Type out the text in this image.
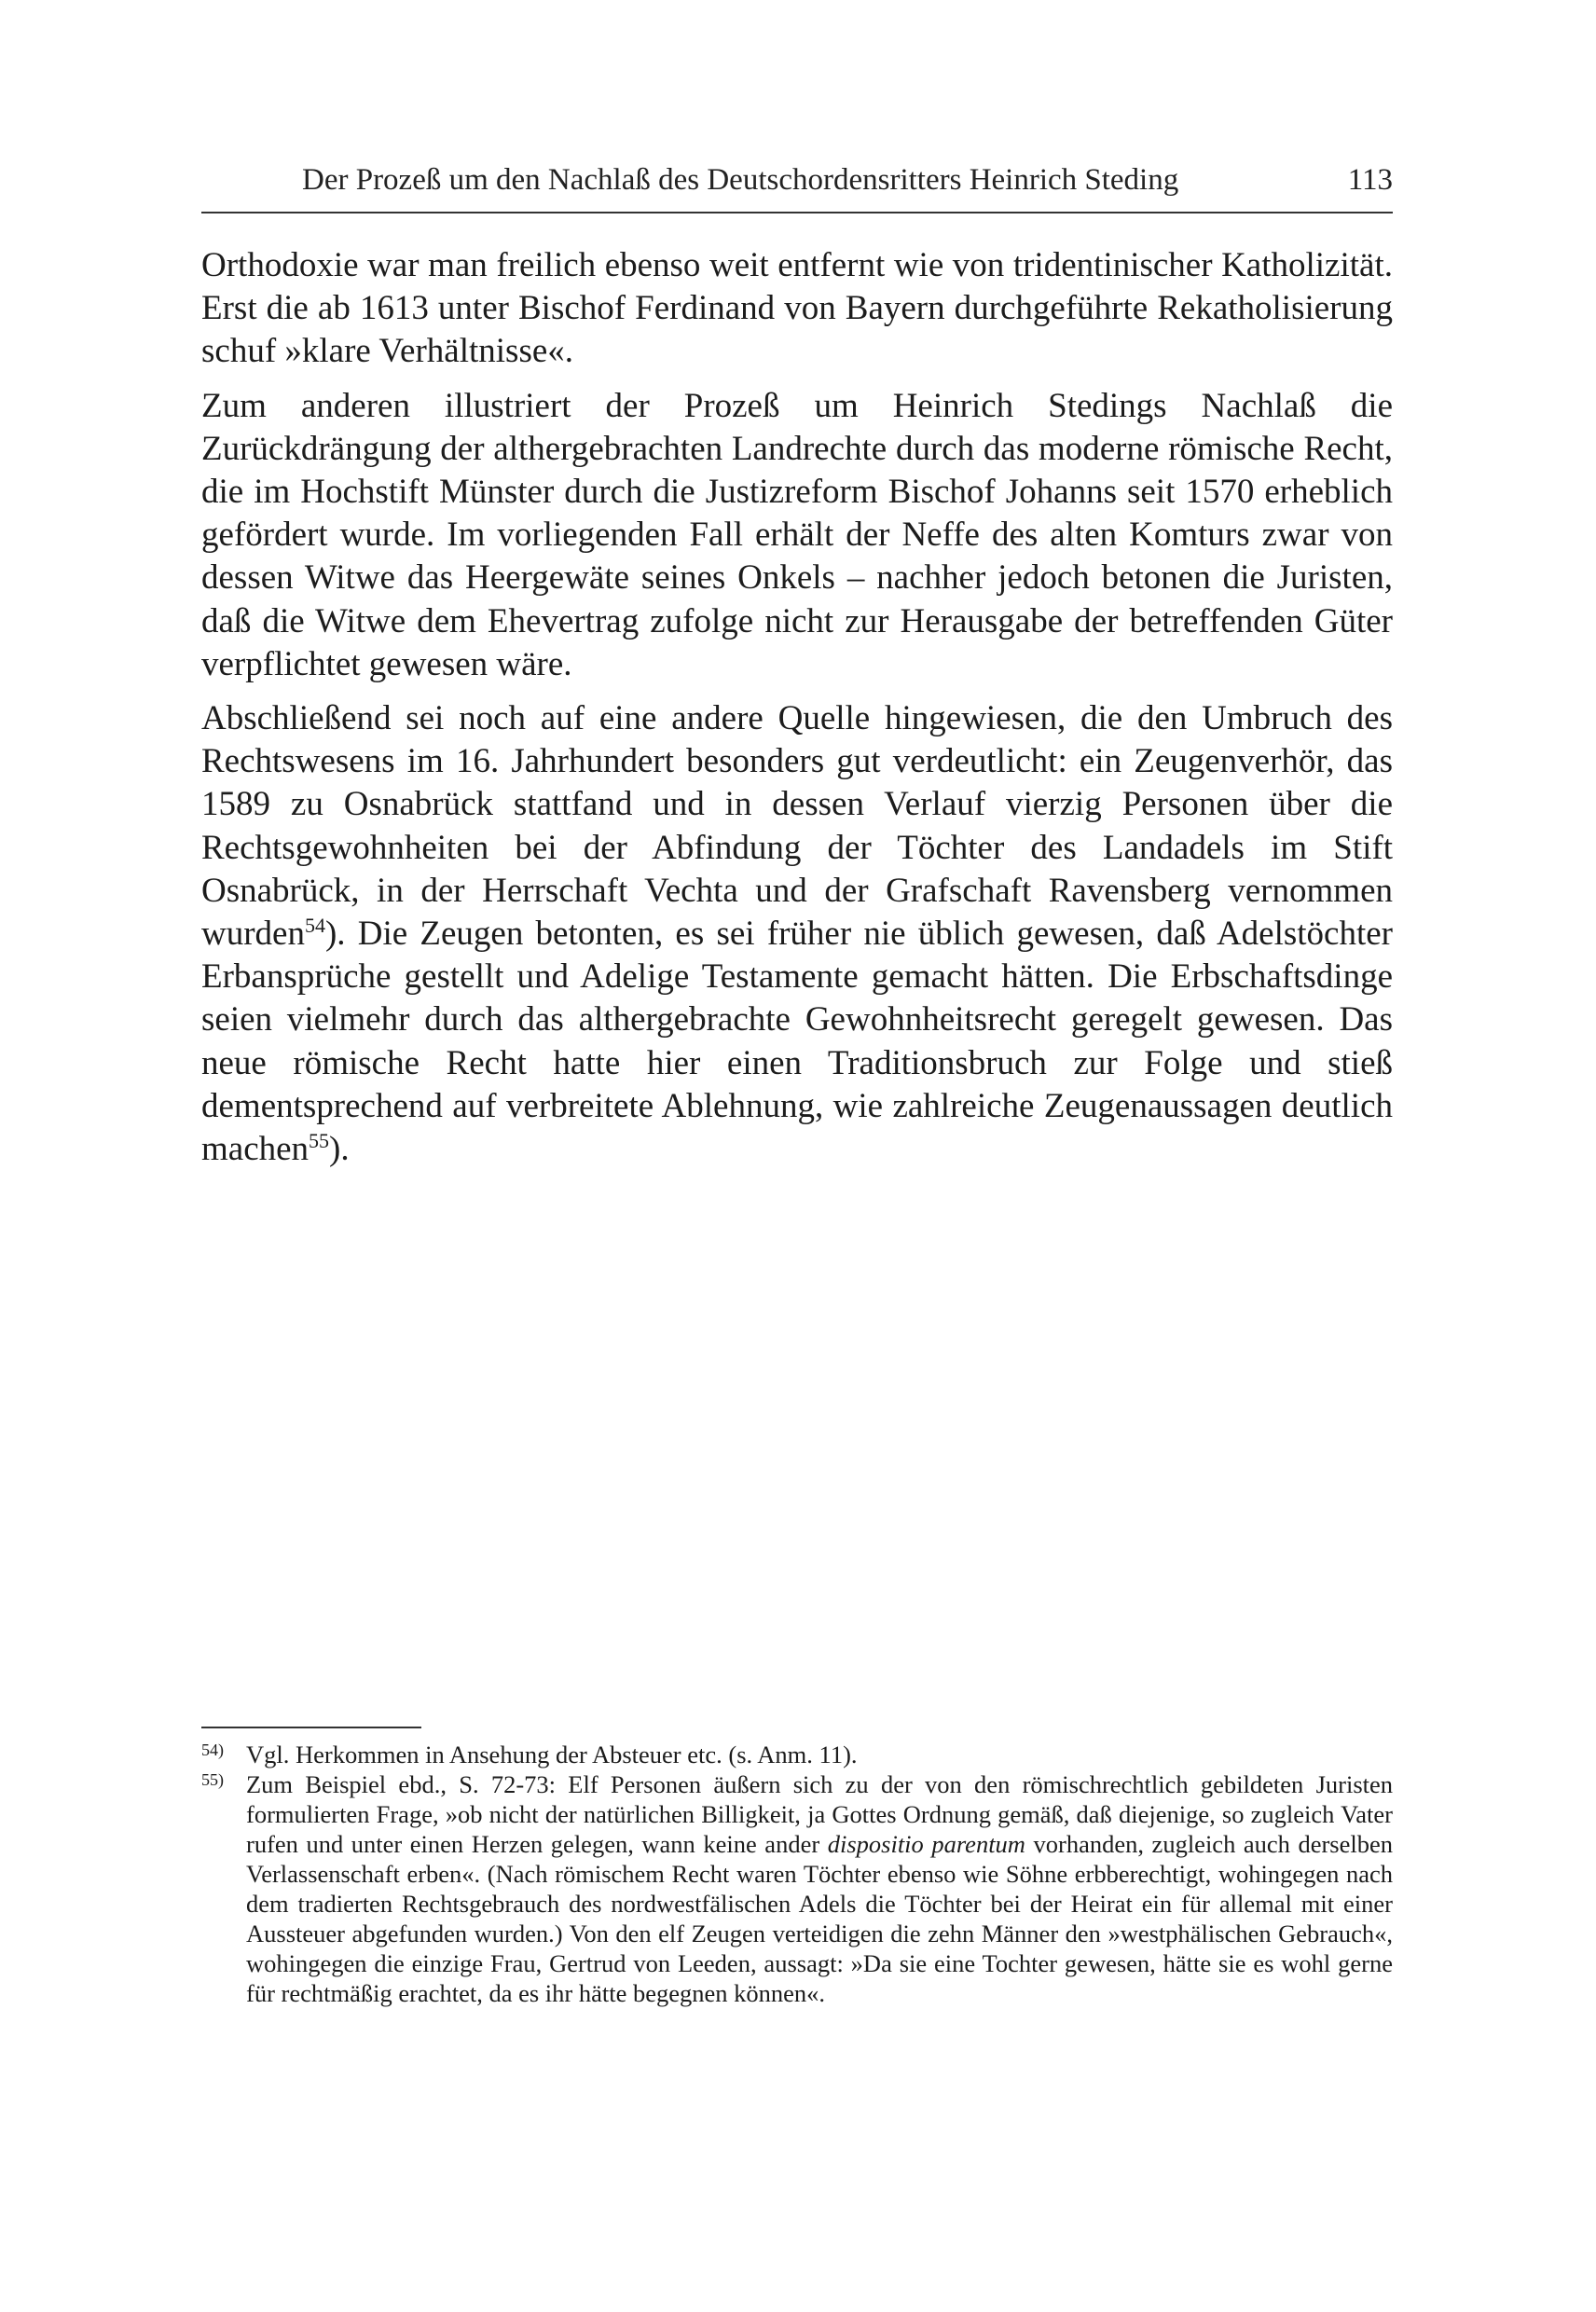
Der Prozeß um den Nachlaß des Deutschordensritters Heinrich Steding	113

Orthodoxie war man freilich ebenso weit entfernt wie von tridentinischer Katholizität. Erst die ab 1613 unter Bischof Ferdinand von Bayern durchgeführte Rekatholisierung schuf »klare Verhältnisse«.

Zum anderen illustriert der Prozeß um Heinrich Stedings Nachlaß die Zurückdrängung der althergebrachten Landrechte durch das moderne römische Recht, die im Hochstift Münster durch die Justizreform Bischof Johanns seit 1570 erheblich gefördert wurde. Im vorliegenden Fall erhält der Neffe des alten Komturs zwar von dessen Witwe das Heergewäte seines Onkels – nachher jedoch betonen die Juristen, daß die Witwe dem Ehevertrag zufolge nicht zur Herausgabe der betreffenden Güter verpflichtet gewesen wäre.

Abschließend sei noch auf eine andere Quelle hingewiesen, die den Umbruch des Rechtswesens im 16. Jahrhundert besonders gut verdeutlicht: ein Zeugenverhör, das 1589 zu Osnabrück stattfand und in dessen Verlauf vierzig Personen über die Rechtsgewohnheiten bei der Abfindung der Töchter des Landadels im Stift Osnabrück, in der Herrschaft Vechta und der Grafschaft Ravensberg vernommen wurden$^{54}$). Die Zeugen betonten, es sei früher nie üblich gewesen, daß Adelstöchter Erbansprüche gestellt und Adelige Testamente gemacht hätten. Die Erbschaftsdinge seien vielmehr durch das althergebrachte Gewohnheitsrecht geregelt gewesen. Das neue römische Recht hatte hier einen Traditionsbruch zur Folge und stieß dementsprechend auf verbreitete Ablehnung, wie zahlreiche Zeugenaussagen deutlich machen$^{55}$).

54) Vgl. Herkommen in Ansehung der Absteuer etc. (s. Anm. 11).
55) Zum Beispiel ebd., S. 72-73: Elf Personen äußern sich zu der von den römischrechtlich gebildeten Juristen formulierten Frage, »ob nicht der natürlichen Billigkeit, ja Gottes Ordnung gemäß, daß diejenige, so zugleich Vater rufen und unter einen Herzen gelegen, wann keine ander dispositio parentum vorhanden, zugleich auch derselben Verlassenschaft erben«. (Nach römischem Recht waren Töchter ebenso wie Söhne erbberechtigt, wohingegen nach dem tradierten Rechtsgebrauch des nordwestfälischen Adels die Töchter bei der Heirat ein für allemal mit einer Aussteuer abgefunden wurden.) Von den elf Zeugen verteidigen die zehn Männer den »westphälischen Gebrauch«, wohingegen die einzige Frau, Gertrud von Leeden, aussagt: »Da sie eine Tochter gewesen, hätte sie es wohl gerne für rechtmäßig erachtet, da es ihr hätte begegnen können«.
